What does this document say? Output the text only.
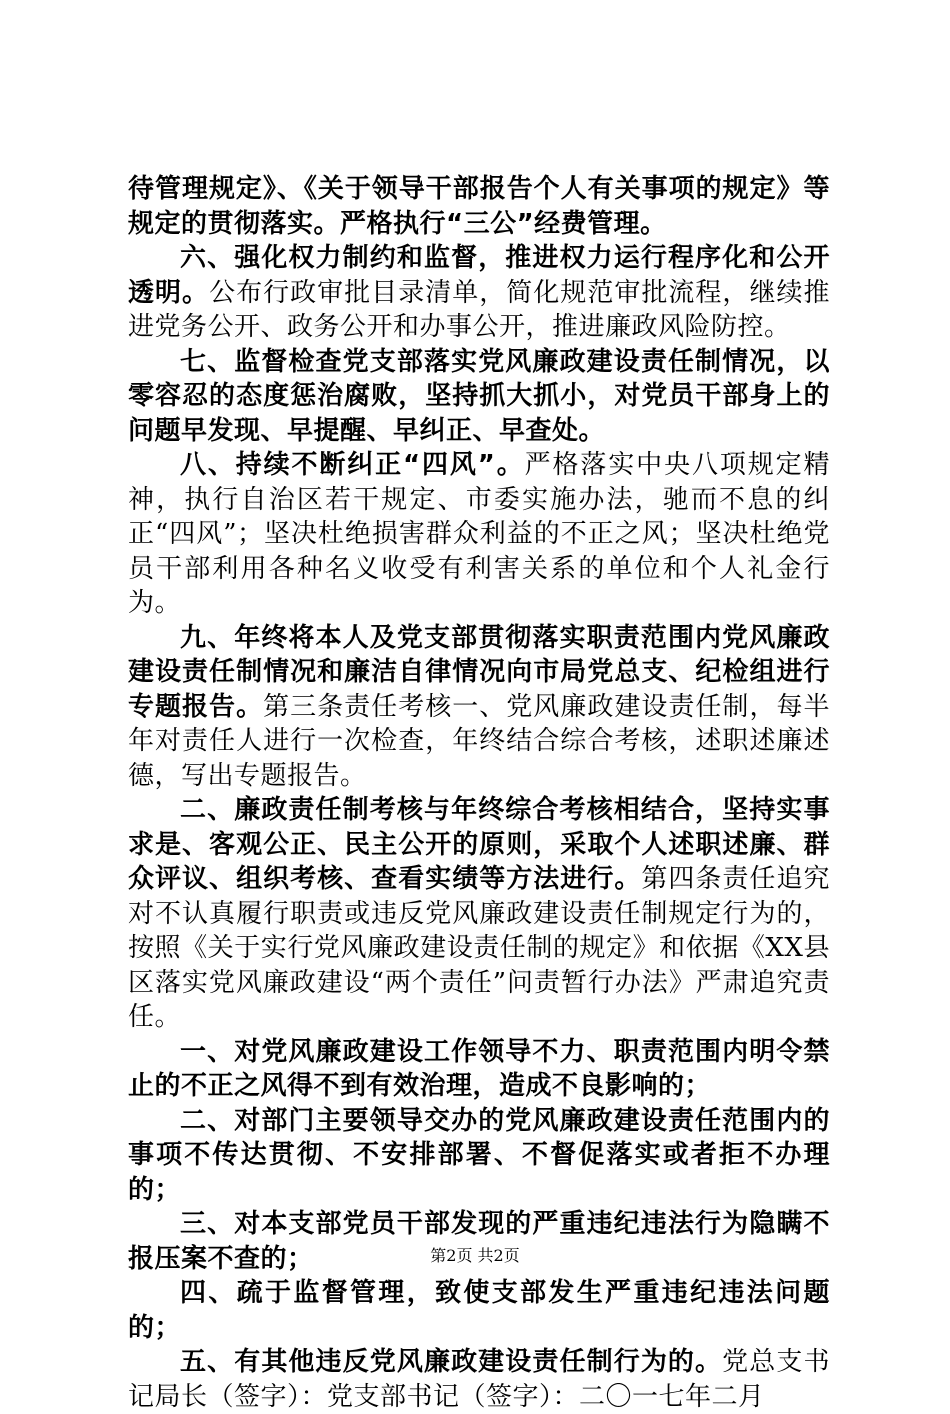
待管理规定》、《关于领导干部报告个人有关事项的规定》等规定的贯彻落实。严格执行“三公”经费管理。

六、强化权力制约和监督，推进权力运行程序化和公开透明。公布行政审批目录清单，简化规范审批流程，继续推进党务公开、政务公开和办事公开，推进廉政风险防控。

七、监督检查党支部落实党风廉政建设责任制情况，以零容忍的态度惩治腐败，坚持抓大抓小，对党员干部身上的问题早发现、早提醒、早纠正、早查处。

八、持续不断纠正“四风”。严格落实中央八项规定精神，执行自治区若干规定、市委实施办法，驰而不息的纠正“四风”；坚决杜绝损害群众利益的不正之风；坚决杜绝党员干部利用各种名义收受有利害关系的单位和个人礼金行为。

九、年终将本人及党支部贯彻落实职责范围内党风廉政建设责任制情况和廉洁自律情况向市局党总支、纪检组进行专题报告。第三条责任考核一、党风廉政建设责任制，每半年对责任人进行一次检查，年终结合综合考核，述职述廉述德，写出专题报告。

二、廉政责任制考核与年终综合考核相结合，坚持实事求是、客观公正、民主公开的原则，采取个人述职述廉、群众评议、组织考核、查看实绩等方法进行。第四条责任追究对不认真履行职责或违反党风廉政建设责任制规定行为的，按照《关于实行党风廉政建设责任制的规定》和依据《XX县区落实党风廉政建设“两个责任”问责暂行办法》严肃追究责任。

一、对党风廉政建设工作领导不力、职责范围内明令禁止的不正之风得不到有效治理，造成不良影响的；

二、对部门主要领导交办的党风廉政建设责任范围内的事项不传达贯彻、不安排部署、不督促落实或者拒不办理的；

三、对本支部党员干部发现的严重违纪违法行为隐瞒不报压案不查的；

四、疏于监督管理，致使支部发生严重违纪违法问题的；

五、有其他违反党风廉政建设责任制行为的。党总支书记局长（签字）：党支部书记（签字）：二〇一七年二月

第2页 共2页
